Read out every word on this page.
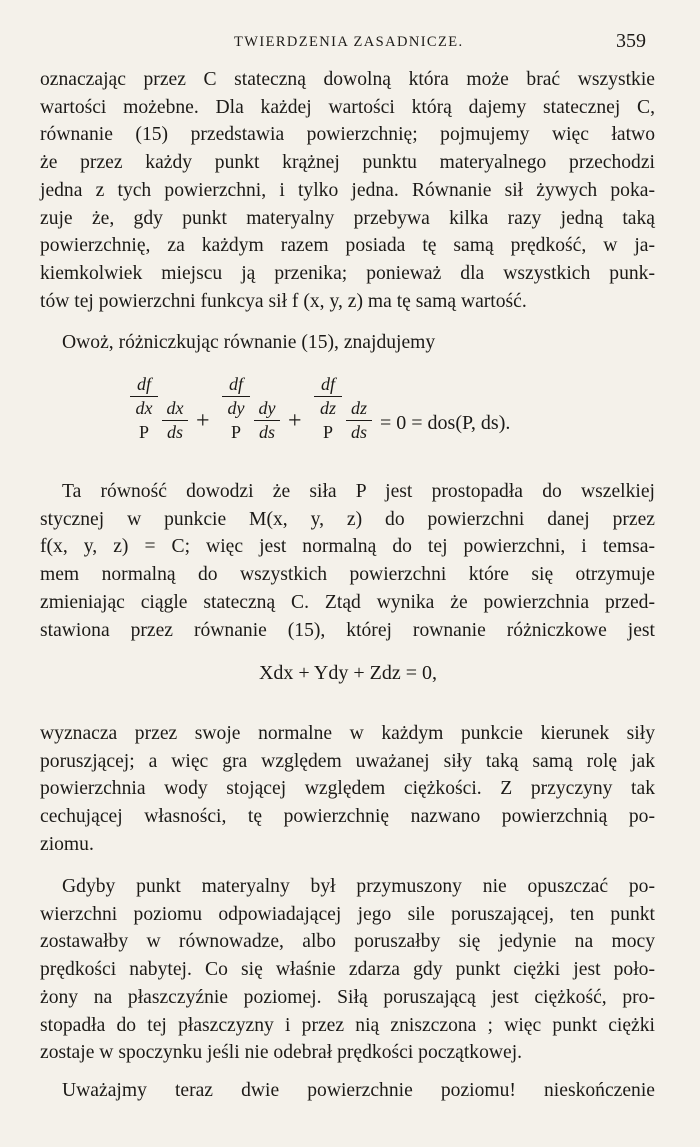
TWIERDZENIA ZASADNICZE.	359
oznaczając przez C stateczną dowolną która może brać wszystkie
wartości możebne. Dla każdej wartości którą dajemy statecznej C,
równanie (15) przedstawia powierzchnię; pojmujemy więc łatwo
że przez każdy punkt krążnej punktu materyalnego przechodzi
jedna z tych powierzchni, i tylko jedna. Równanie sił żywych poka-
zuje że, gdy punkt materyalny przebywa kilka razy jedną taką
powierzchnię, za każdym razem posiada tę samą prędkość, w ja-
kiemkolwiek miejscu ją przenika; ponieważ dla wszystkich punk-
tów tej powierzchni funkcya sił f (x, y, z) ma tę samą wartość.
Owoż, różniczkując równanie (15), znajdujemy
df
dx
P
dx
ds +
df
dy
P
dy
ds +
df
dz
P
dz
ds = 0 = dos(P, ds).
Ta równość dowodzi że siła P jest prostopadła do wszelkiej
stycznej w punkcie M(x, y, z) do powierzchni danej przez
f(x, y, z) = C; więc jest normalną do tej powierzchni, i temsa-
mem normalną do wszystkich powierzchni które się otrzymuje
zmieniając ciągle stateczną C. Ztąd wynika że powierzchnia przed-
stawiona przez równanie (15), której rownanie różniczkowe jest
Xdx + Ydy + Zdz = 0,
wyznacza przez swoje normalne w każdym punkcie kierunek siły
poruszjącej; a więc gra względem uważanej siły taką samą rolę jak
powierzchnia wody stojącej względem ciężkości. Z przyczyny tak
cechującej własności, tę powierzchnię nazwano powierzchnią po-
ziomu.
Gdyby punkt materyalny był przymuszony nie opuszczać po-
wierzchni poziomu odpowiadającej jego sile poruszającej, ten punkt
zostawałby w równowadze, albo poruszałby się jedynie na mocy
prędkości nabytej. Co się właśnie zdarza gdy punkt ciężki jest poło-
żony na płaszczyźnie poziomej. Siłą poruszającą jest ciężkość, pro-
stopadła do tej płaszczyzny i przez nią zniszczona ; więc punkt ciężki
zostaje w spoczynku jeśli nie odebrał prędkości początkowej.
Uważajmy teraz dwie powierzchnie poziomu! nieskończenie
